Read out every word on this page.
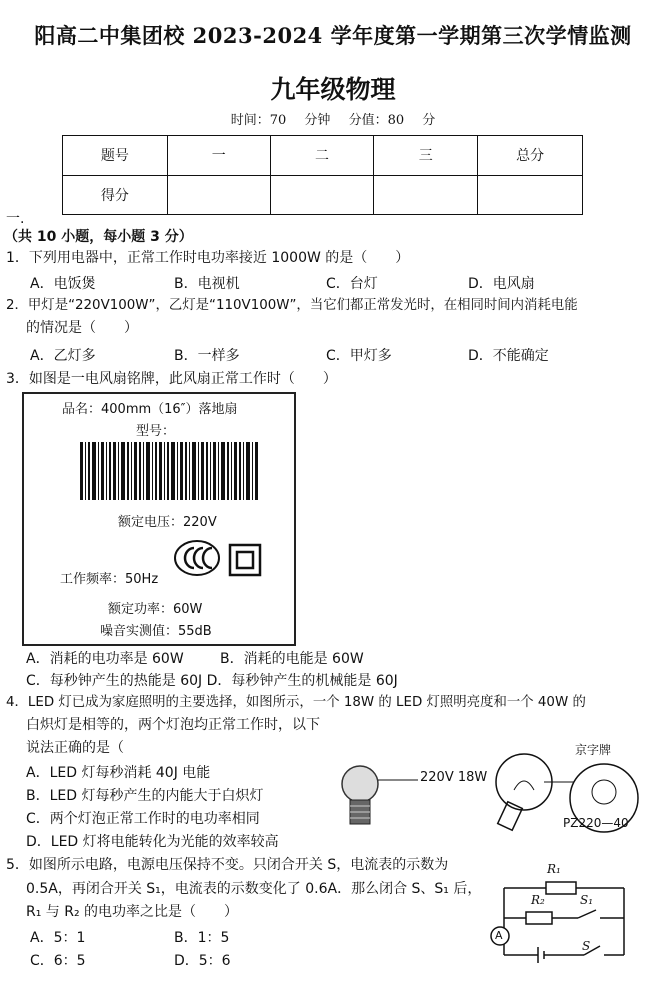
阳高二中集团校 2023-2024 学年度第一学期第三次学情监测
九年级物理
时间：70 分钟 分值：80 分
题号	一	二	三	总分
得分				
一.
（共 10 小题，每小题 3 分）
1．下列用电器中，正常工作时电功率接近 1000W 的是（　　）
A．电饭煲	B．电视机	C．台灯	D．电风扇
2．甲灯是“220V100W”，乙灯是“110V100W”，当它们都正常发光时，在相同时间内消耗电能
的情况是（　　）
A．乙灯多	B．一样多	C．甲灯多	D．不能确定
3．如图是一电风扇铭牌，此风扇正常工作时（　　）
品名：400mm（16″）落地扇
型号：
额定电压：220V
工作频率：50Hz
额定功率：60W
噪音实测值：55dB
A．消耗的电功率是 60W	B．消耗的电能是 60W
C．每秒钟产生的热能是 60J D．每秒钟产生的机械能是 60J
4．LED 灯已成为家庭照明的主要选择，如图所示，一个 18W 的 LED 灯照明亮度和一个 40W 的
白炽灯是相等的，两个灯泡均正常工作时，以下
说法正确的是（
A．LED 灯每秒消耗 40J 电能
B．LED 灯每秒产生的内能大于白炽灯
C．两个灯泡正常工作时的电功率相同
D．LED 灯将电能转化为光能的效率较高
220V 18W
京字牌
PZ220—40
5．如图所示电路，电源电压保持不变。只闭合开关 S，电流表的示数为
0.5A，再闭合开关 S₁，电流表的示数变化了 0.6A．那么闭合 S、S₁ 后，
R₁ 与 R₂ 的电功率之比是（　　）
A．5：1	B．1：5
C．6：5	D．5：6
R₁
R₂	S₁
S
A
